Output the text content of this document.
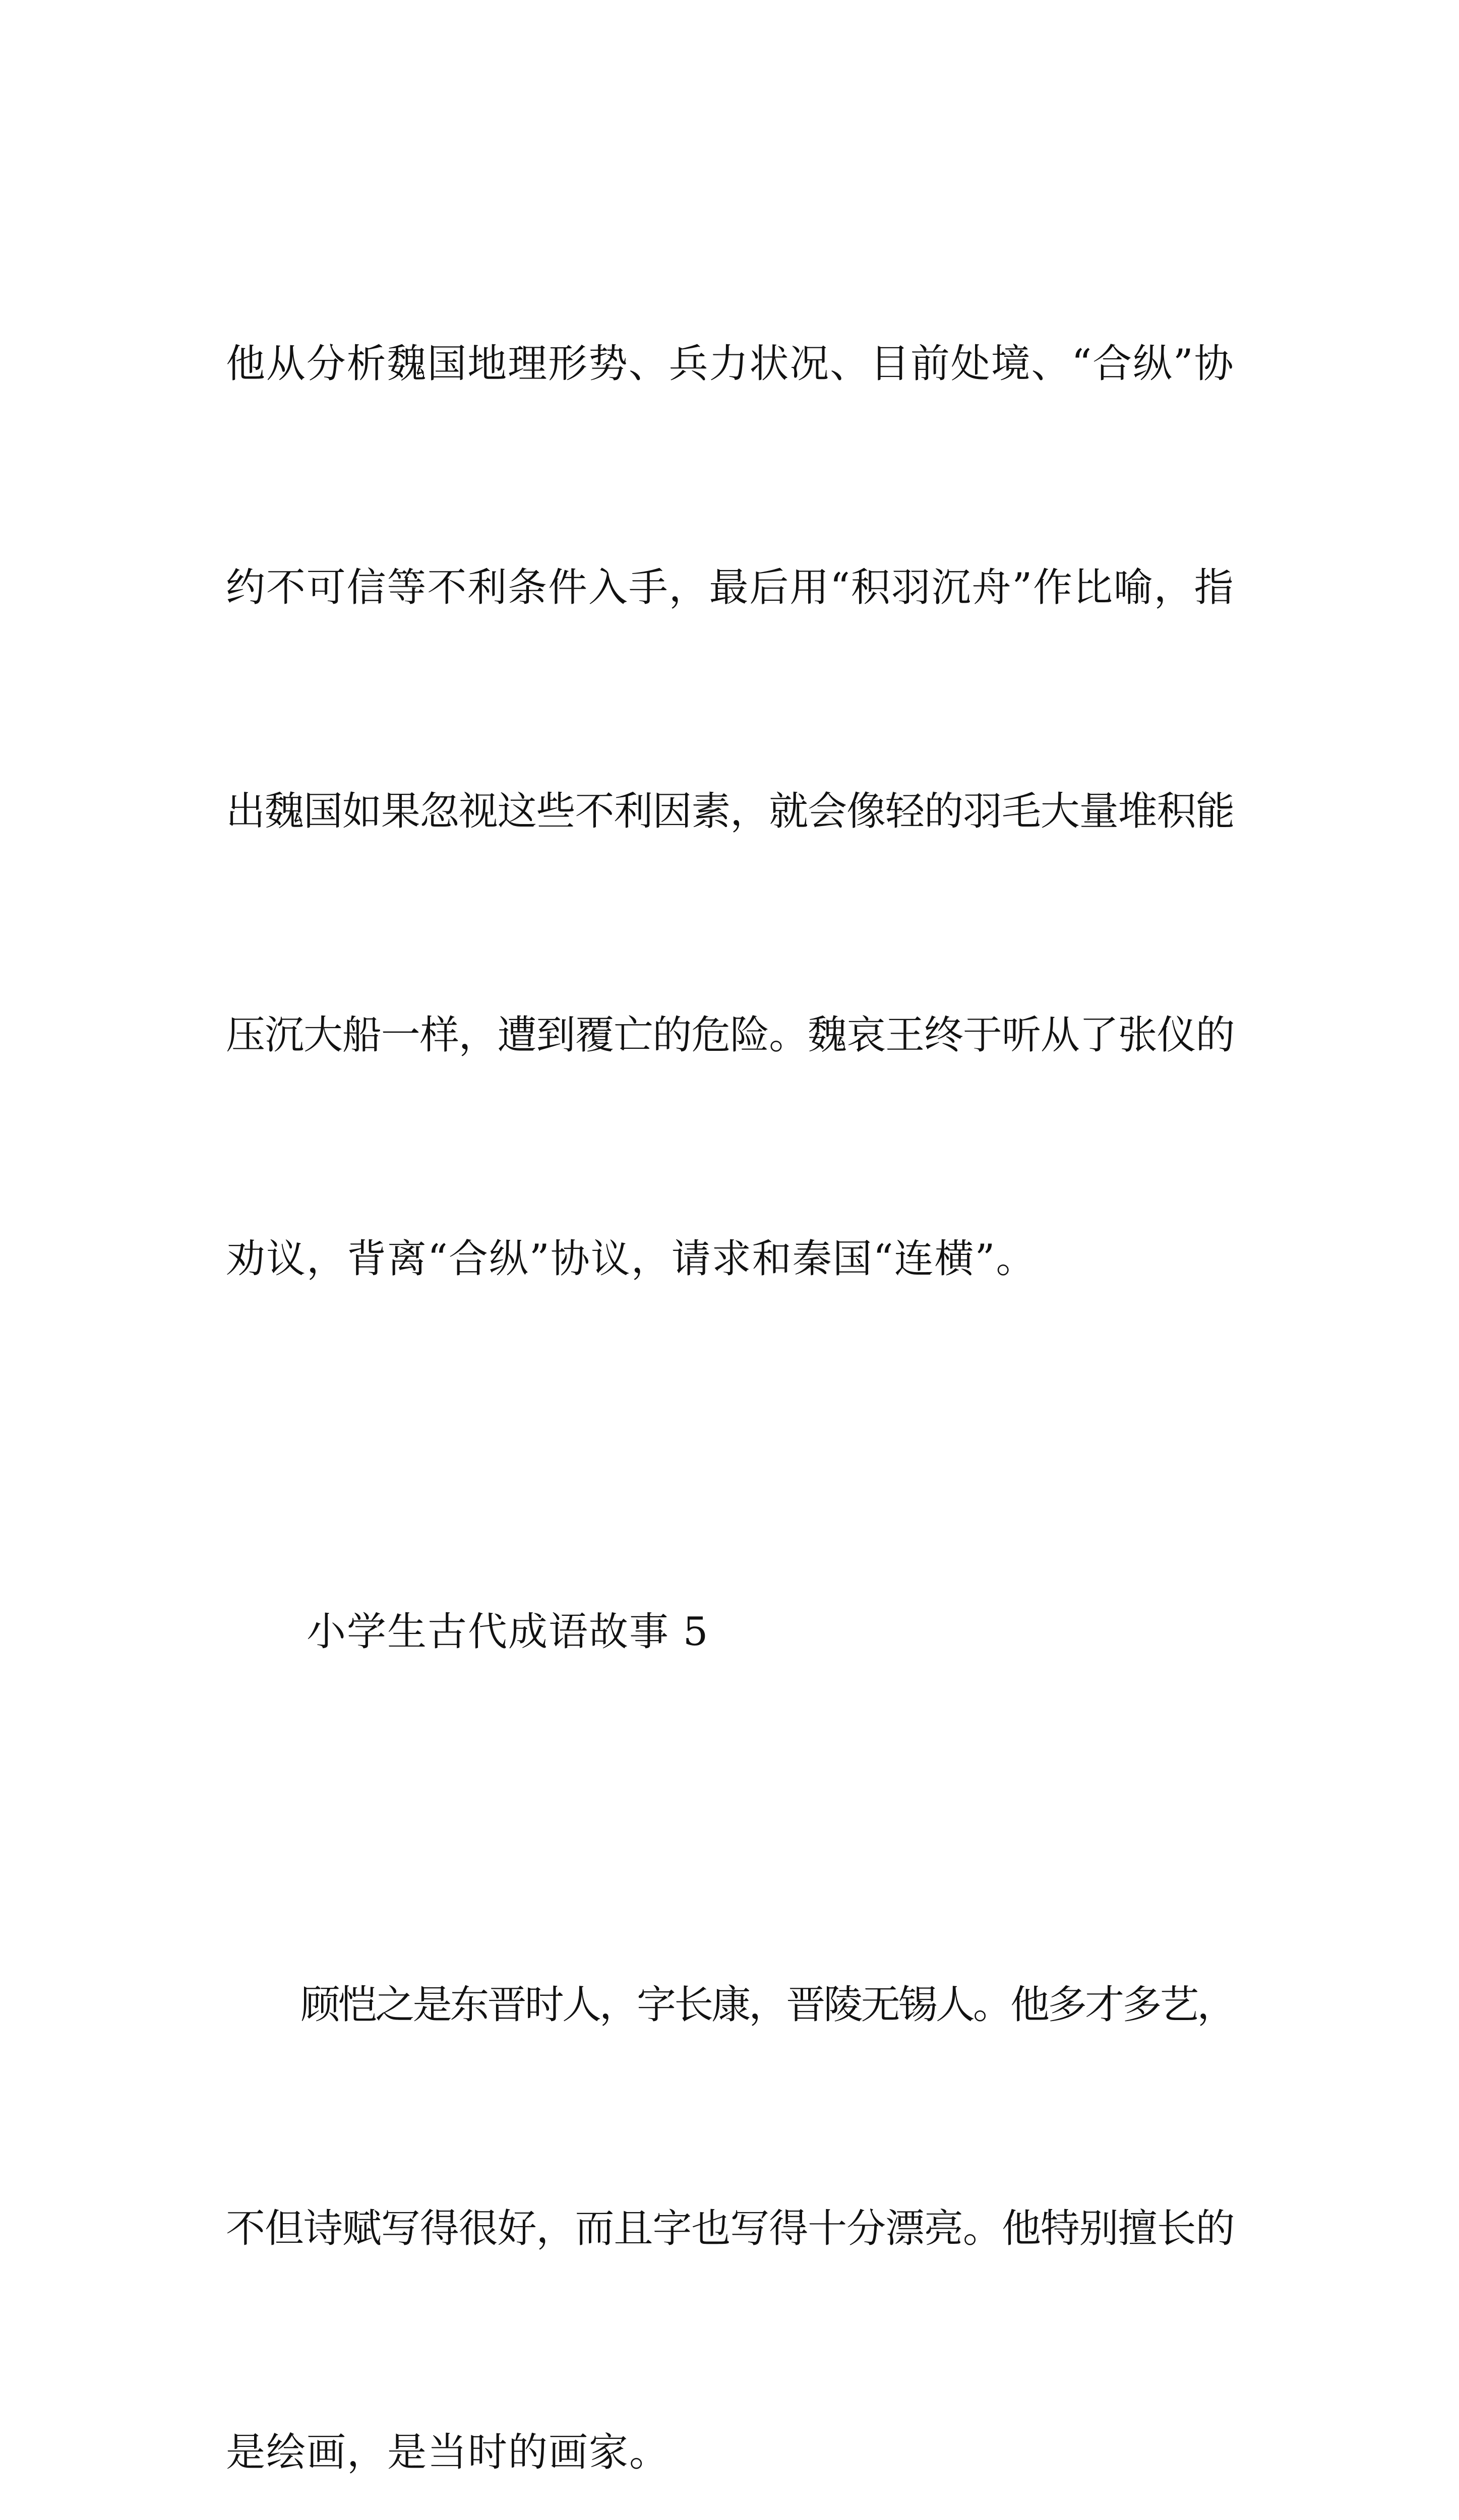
他从分析魏国地理形势、兵力状况、目前处境、“合纵”协

约不可信等不利条件入手，最后用“积羽沉舟”作比喻，指

出魏国如果忽视这些不利因素，就会像轻的羽毛大量堆积能

压沉大船一样，遭到覆亡的危险。魏哀王终于听从了张仪的

劝议，背离“合纵”协议，请求和秦国“连横”。

　　小学生古代成语故事 5

　　顾恺之是东晋时人，字长康，晋陵无锡人。他多才多艺，

不但诗赋写得很好，而且字也写得十分漂亮。他特别擅长的

是绘画，是当时的画家。
